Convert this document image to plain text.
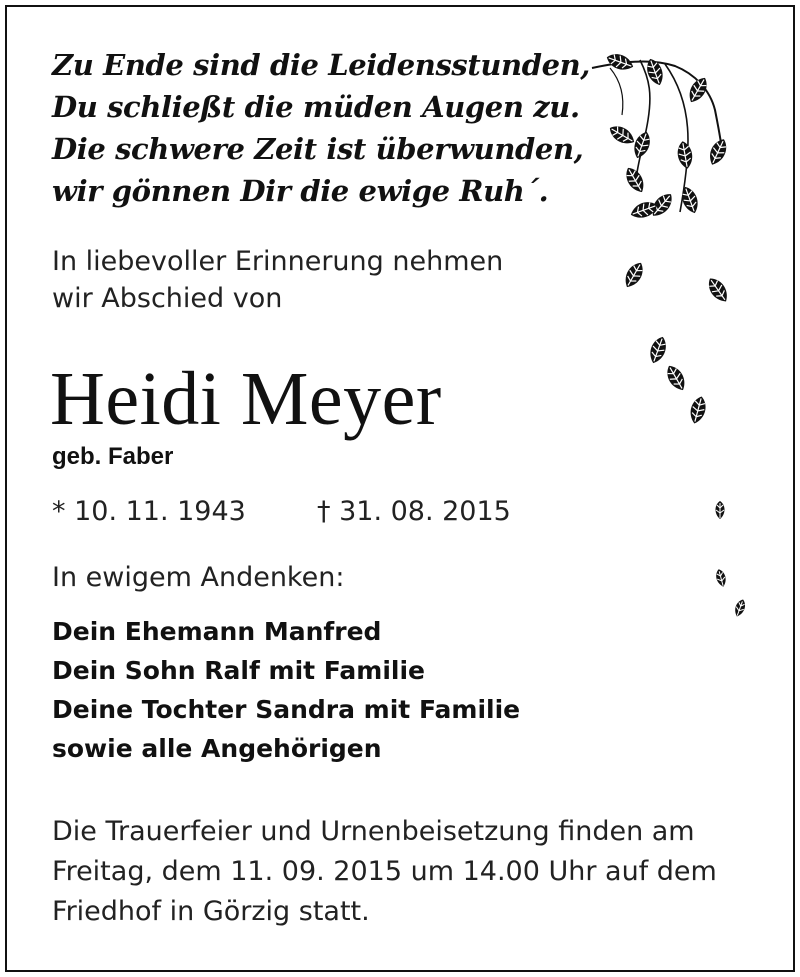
Zu Ende sind die Leidensstunden,
Du schließt die müden Augen zu.
Die schwere Zeit ist überwunden,
wir gönnen Dir die ewige Ruh´.
In liebevoller Erinnerung nehmen
wir Abschied von
Heidi Meyer
geb. Faber
* 10. 11. 1943	† 31. 08. 2015
In ewigem Andenken:
Dein Ehemann Manfred
Dein Sohn Ralf mit Familie
Deine Tochter Sandra mit Familie
sowie alle Angehörigen
Die Trauerfeier und Urnenbeisetzung finden am
Freitag, dem 11. 09. 2015 um 14.00 Uhr auf dem
Friedhof in Görzig statt.
